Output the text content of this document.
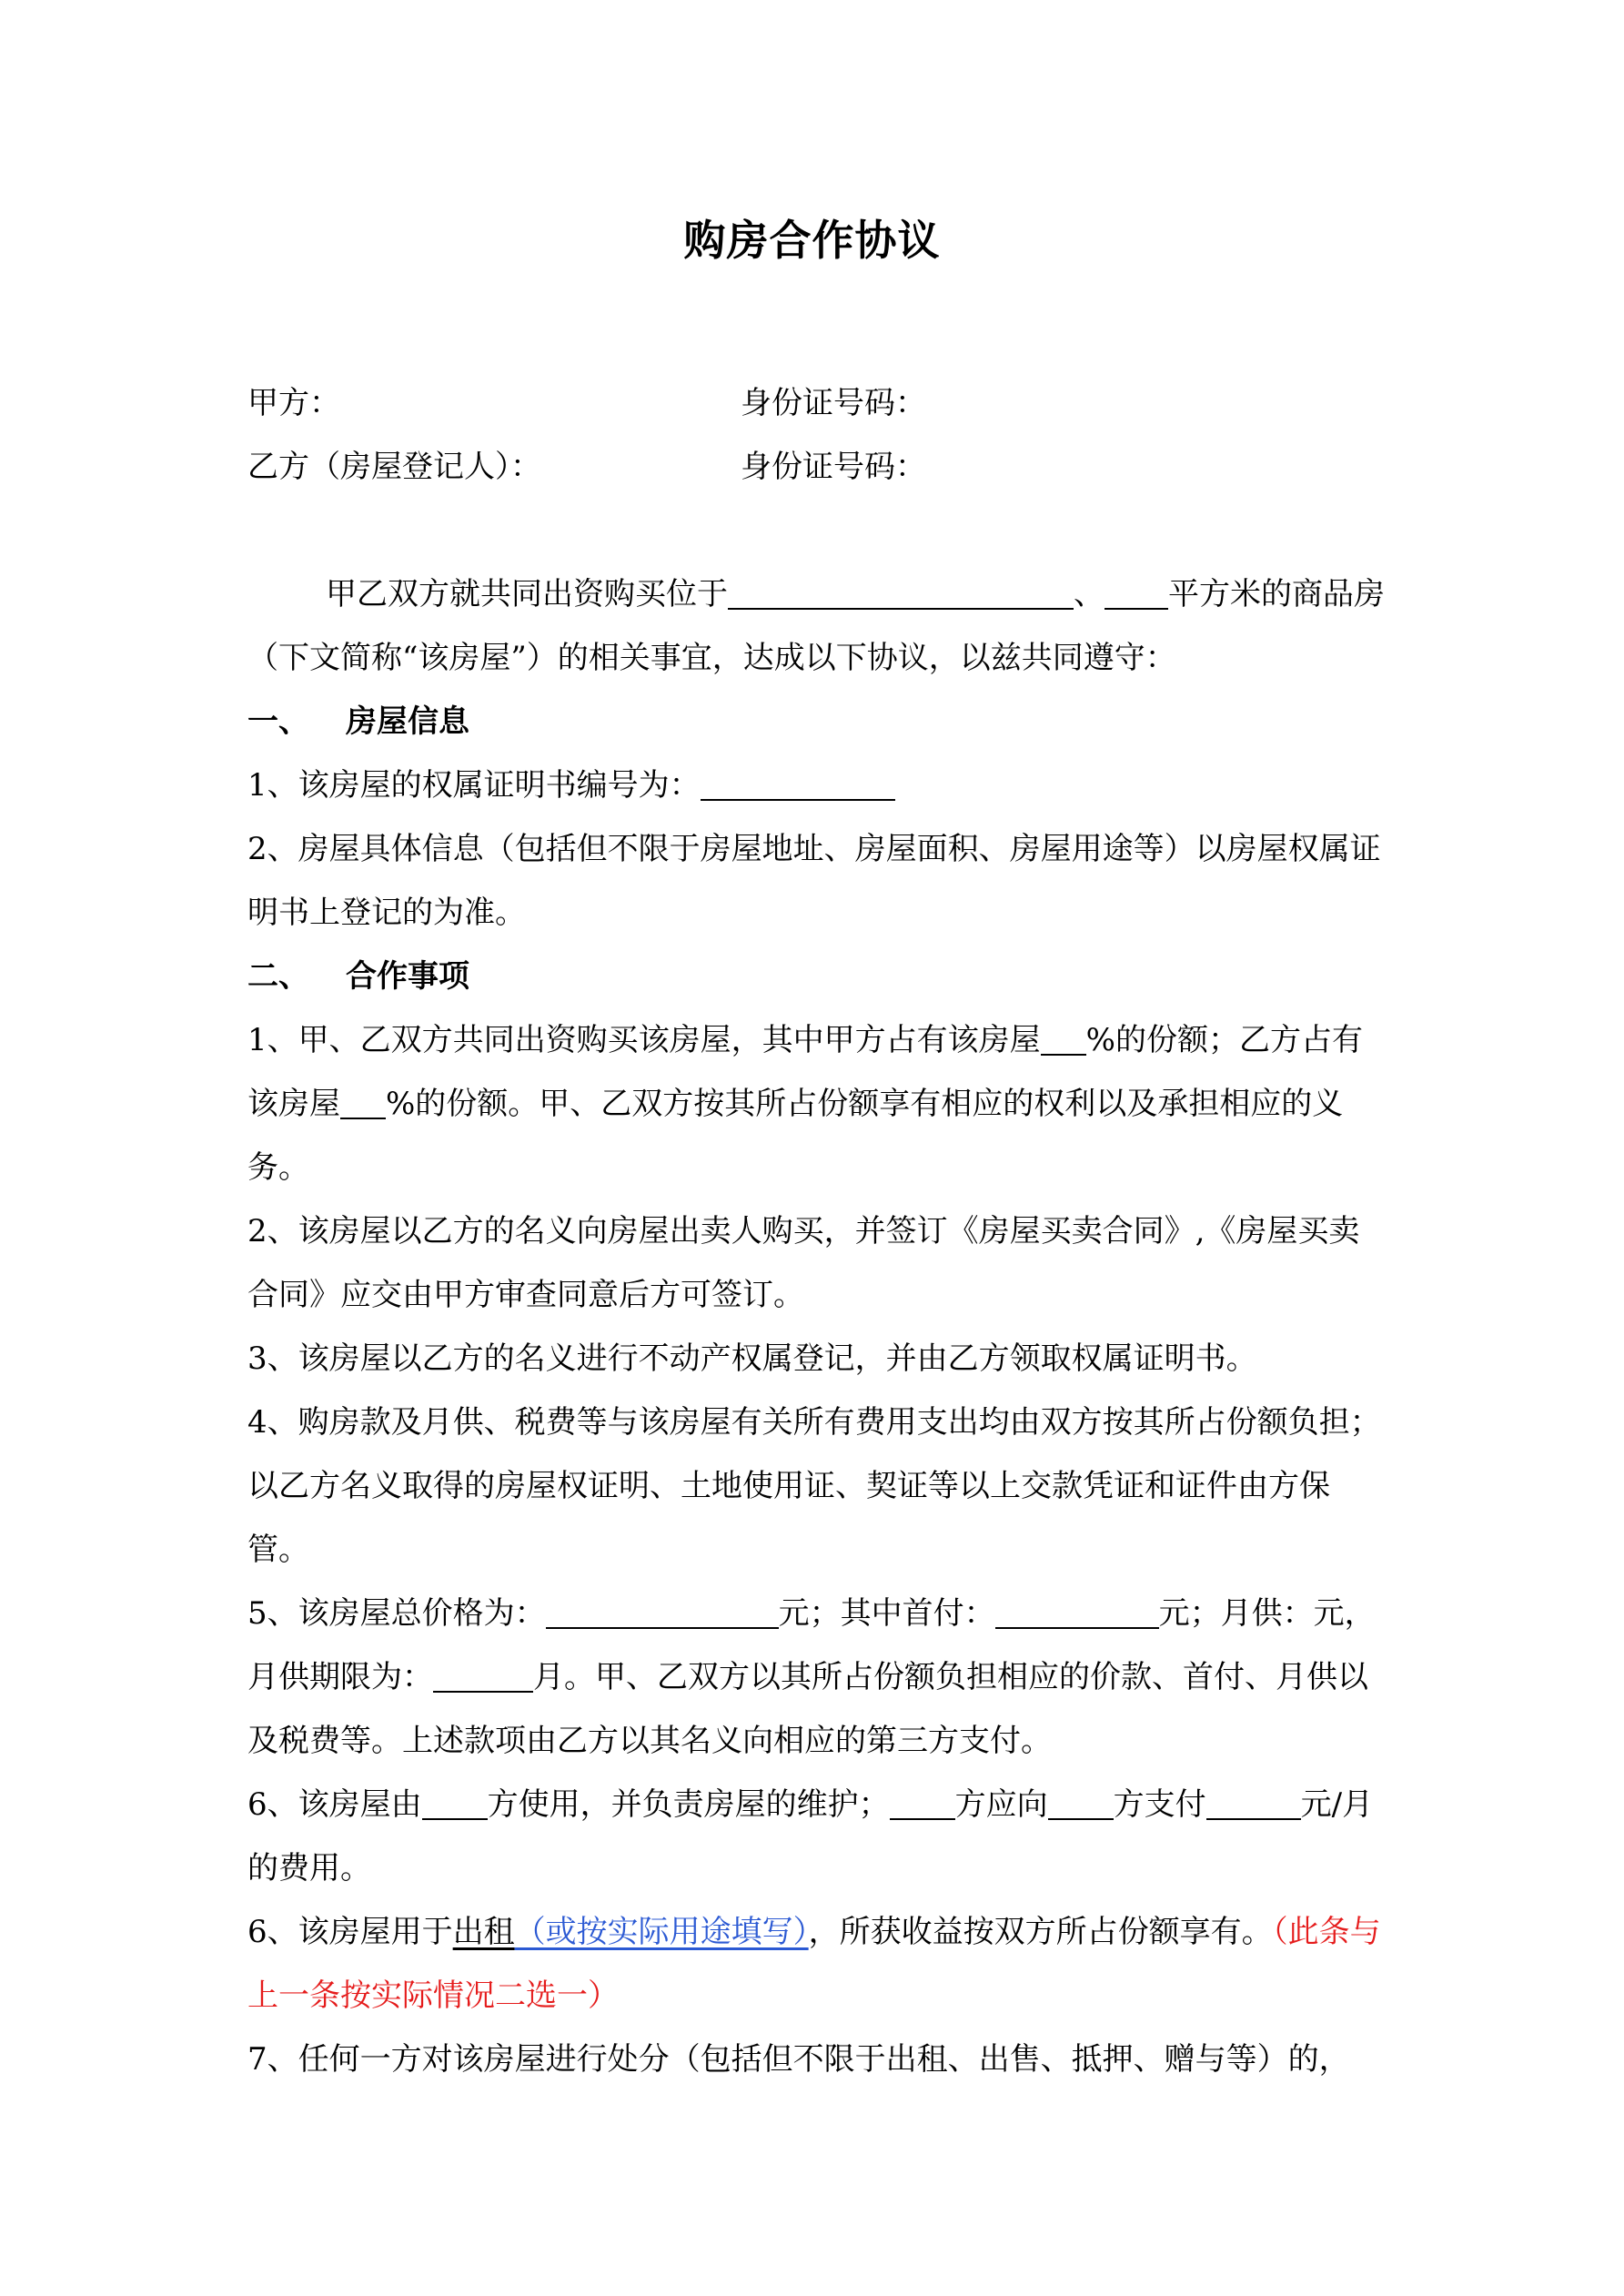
购房合作协议
甲方：	身份证号码：
乙方（房屋登记人）：	身份证号码：

甲乙双方就共同出资购买位于	、 平方米的商品房（下文简称“该房屋”）的相关事宜，达成以下协议，以兹共同遵守：

一、 房屋信息

1、该房屋的权属证明书编号为：

2、房屋具体信息（包括但不限于房屋地址、房屋面积、房屋用途等）以房屋权属证明书上登记的为准。

二、 合作事项

1、甲、乙双方共同出资购买该房屋，其中甲方占有该房屋 %的份额；乙方占有该房屋 %的份额。甲、乙双方按其所占份额享有相应的权利以及承担相应的义务。

2、该房屋以乙方的名义向房屋出卖人购买，并签订《房屋买卖合同》,《房屋买卖合同》应交由甲方审查同意后方可签订。

3、该房屋以乙方的名义进行不动产权属登记，并由乙方领取权属证明书。

4、购房款及月供、税费等与该房屋有关所有费用支出均由双方按其所占份额负担；以乙方名义取得的房屋权证明、土地使用证、契证等以上交款凭证和证件由方保管。

5、该房屋总价格为：	元；其中首付：	元；月供：元，月供期限为：	月。甲、乙双方以其所占份额负担相应的价款、首付、月供以及税费等。上述款项由乙方以其名义向相应的第三方支付。

6、该房屋由 方使用，并负责房屋的维护； 方应向 方支付	元/月的费用。

6、该房屋用于出租（或按实际用途填写），所获收益按双方所占份额享有。（此条与上一条按实际情况二选一）

7、任何一方对该房屋进行处分（包括但不限于出租、出售、抵押、赠与等）的，
